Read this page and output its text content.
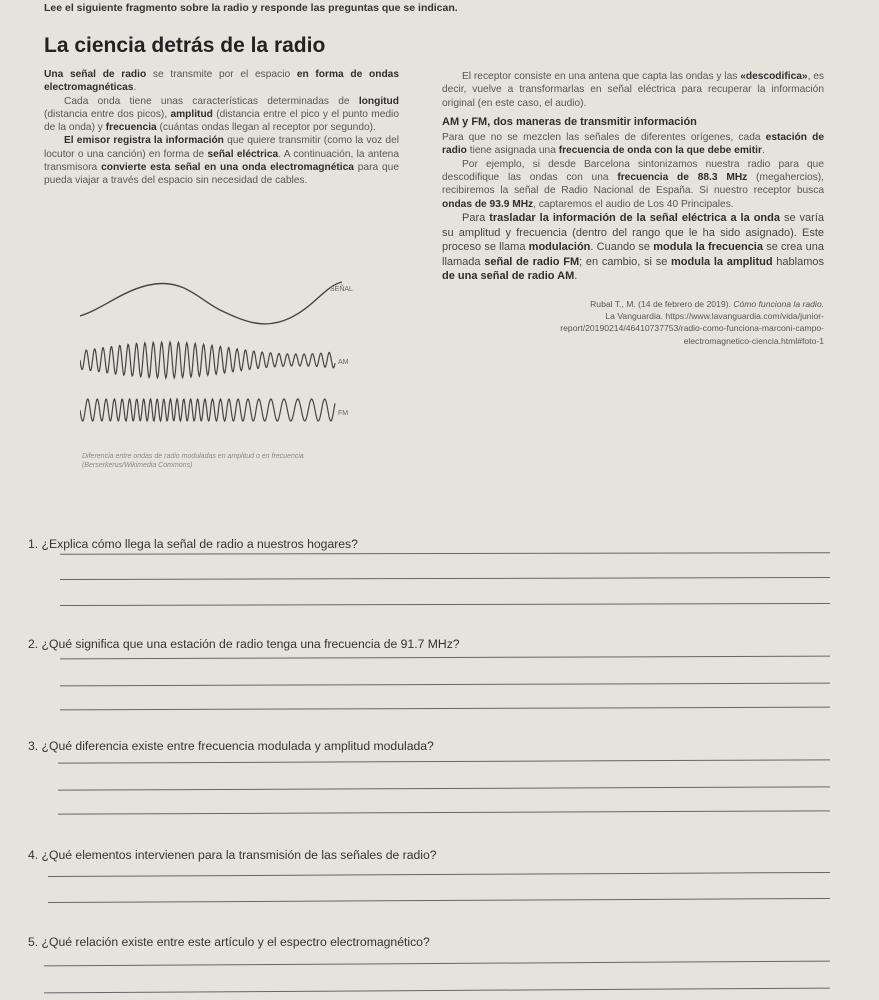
Lee el siguiente fragmento sobre la radio y responde las preguntas que se indican.
La ciencia detrás de la radio

Una señal de radio se transmite por el espacio en forma de ondas electromagnéticas.

Cada onda tiene unas características determinadas de longitud (distancia entre dos picos), amplitud (distancia entre el pico y el punto medio de la onda) y frecuencia (cuántas ondas llegan al receptor por segundo).

El emisor registra la información que quiere transmitir (como la voz del locutor o una canción) en forma de señal eléctrica. A continuación, la antena transmisora convierte esta señal en una onda electromagnética para que pueda viajar a través del espacio sin necesidad de cables.

SEÑAL
AM
FM
Diferencia entre ondas de radio moduladas en amplitud o en frecuencia
(Berserkerus/Wikimedia Commons)

El receptor consiste en una antena que capta las ondas y las «descodifica», es decir, vuelve a transformarlas en señal eléctrica para recuperar la información original (en este caso, el audio).

AM y FM, dos maneras de transmitir información

Para que no se mezclen las señales de diferentes orígenes, cada estación de radio tiene asignada una frecuencia de onda con la que debe emitir.

Por ejemplo, si desde Barcelona sintonizamos nuestra radio para que descodifique las ondas con una frecuencia de 88.3 MHz (megahercios), recibiremos la señal de Radio Nacional de España. Si nuestro receptor busca ondas de 93.9 MHz, captaremos el audio de Los 40 Principales.

Para trasladar la información de la señal eléctrica a la onda se varía su amplitud y frecuencia (dentro del rango que le ha sido asignado). Este proceso se llama modulación. Cuando se modula la frecuencia se crea una llamada señal de radio FM; en cambio, si se modula la amplitud hablamos de una señal de radio AM.

Rubal T., M. (14 de febrero de 2019). Cómo funciona la radio.
La Vanguardia. https://www.lavanguardia.com/vida/junior-
report/20190214/46410737753/radio-como-funciona-marconi-campo-
electromagnetico-ciencia.html#foto-1
1. ¿Explica cómo llega la señal de radio a nuestros hogares?
2. ¿Qué significa que una estación de radio tenga una frecuencia de 91.7 MHz?
3. ¿Qué diferencia existe entre frecuencia modulada y amplitud modulada?
4. ¿Qué elementos intervienen para la transmisión de las señales de radio?
5. ¿Qué relación existe entre este artículo y el espectro electromagnético?
